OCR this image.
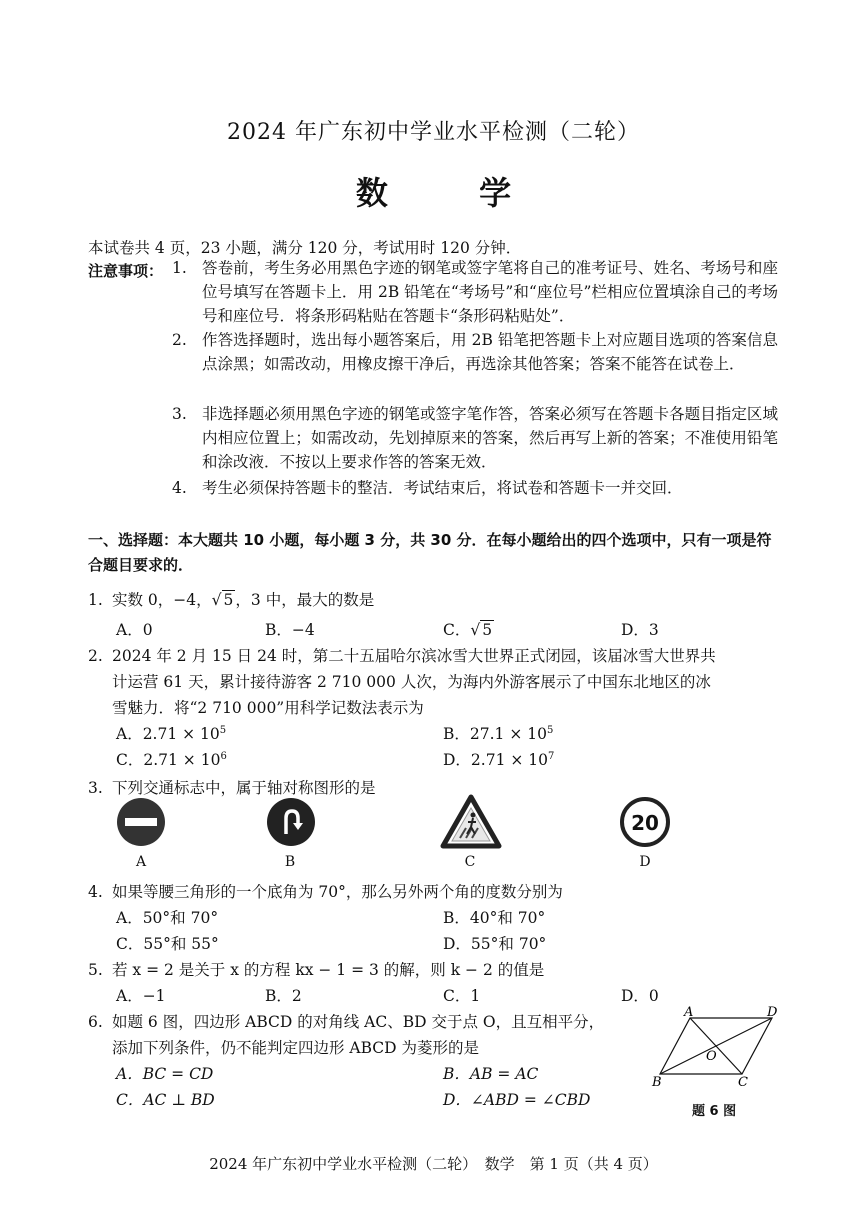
2024 年广东初中学业水平检测（二轮）
数 学
本试卷共 4 页，23 小题，满分 120 分，考试用时 120 分钟．
注意事项： 1. 答卷前，考生务必用黑色字迹的钢笔或签字笔将自己的准考证号、姓名、考场号和座位号填写在答题卡上．用 2B 铅笔在“考场号”和“座位号”栏相应位置填涂自己的考场号和座位号．将条形码粘贴在答题卡“条形码粘贴处”．
2. 作答选择题时，选出每小题答案后，用 2B 铅笔把答题卡上对应题目选项的答案信息点涂黑；如需改动，用橡皮擦干净后，再选涂其他答案；答案不能答在试卷上．
3. 非选择题必须用黑色字迹的钢笔或签字笔作答，答案必须写在答题卡各题目指定区域内相应位置上；如需改动，先划掉原来的答案，然后再写上新的答案；不准使用铅笔和涂改液．不按以上要求作答的答案无效．
4. 考生必须保持答题卡的整洁．考试结束后，将试卷和答题卡一并交回．
一、选择题：本大题共 10 小题，每小题 3 分，共 30 分．在每小题给出的四个选项中，只有一项是符合题目要求的．
1. 实数 0，−4，√ 5 ，3 中，最大的数是
A．0	B．−4	C．√ 5	D．3
2. 2024 年 2 月 15 日 24 时，第二十五届哈尔滨冰雪大世界正式闭园，该届冰雪大世界共
计运营 61 天，累计接待游客 2 710 000 人次，为海内外游客展示了中国东北地区的冰
雪魅力．将“2 710 000”用科学记数法表示为
A．$2.71 \times 10^5$	B．$27.1 \times 10^5$
C．$2.71 \times 10^6$	D．$2.71 \times 10^7$
3. 下列交通标志中，属于轴对称图形的是
20
A	B	C	D
4. 如果等腰三角形的一个底角为 70°，那么另外两个角的度数分别为
A．50°和 70°	B．40°和 70°
C．55°和 55°	D．55°和 70°
5. 若 x = 2 是关于 x 的方程 kx − 1 = 3 的解，则 k − 2 的值是
A．−1	B．2	C．1	D．0
6. 如题 6 图，四边形 ABCD 的对角线 AC、BD 交于点 O，且互相平分，
添加下列条件，仍不能判定四边形 ABCD 为菱形的是
A．BC = CD	B．AB = AC
C．AC ⊥ BD	D．∠ABD = ∠CBD
A	D
B	C
O
题 6 图
2024 年广东初中学业水平检测（二轮）　数学　第 1 页（共 4 页）
